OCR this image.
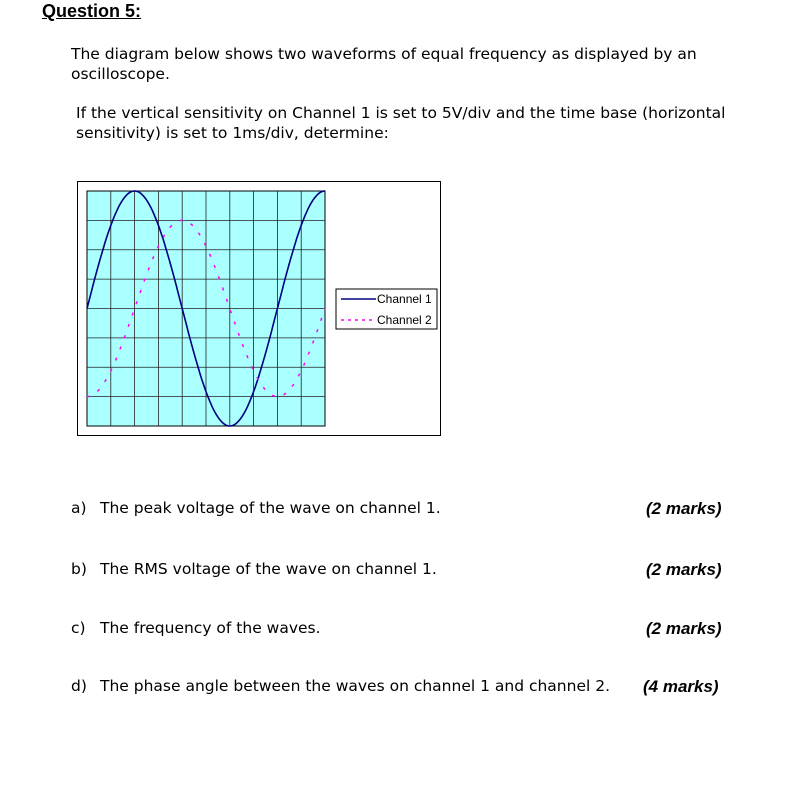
Question 5:
The diagram below shows two waveforms of equal frequency as displayed by an oscilloscope.
If the vertical sensitivity on Channel 1 is set to 5V/div and the time base (horizontal sensitivity) is set to 1ms/div, determine:
Channel 1
Channel 2
a) The peak voltage of the wave on channel 1.	(2 marks)
b) The RMS voltage of the wave on channel 1.	(2 marks)
c) The frequency of the waves.	(2 marks)
d) The phase angle between the waves on channel 1 and channel 2. (4 marks)
